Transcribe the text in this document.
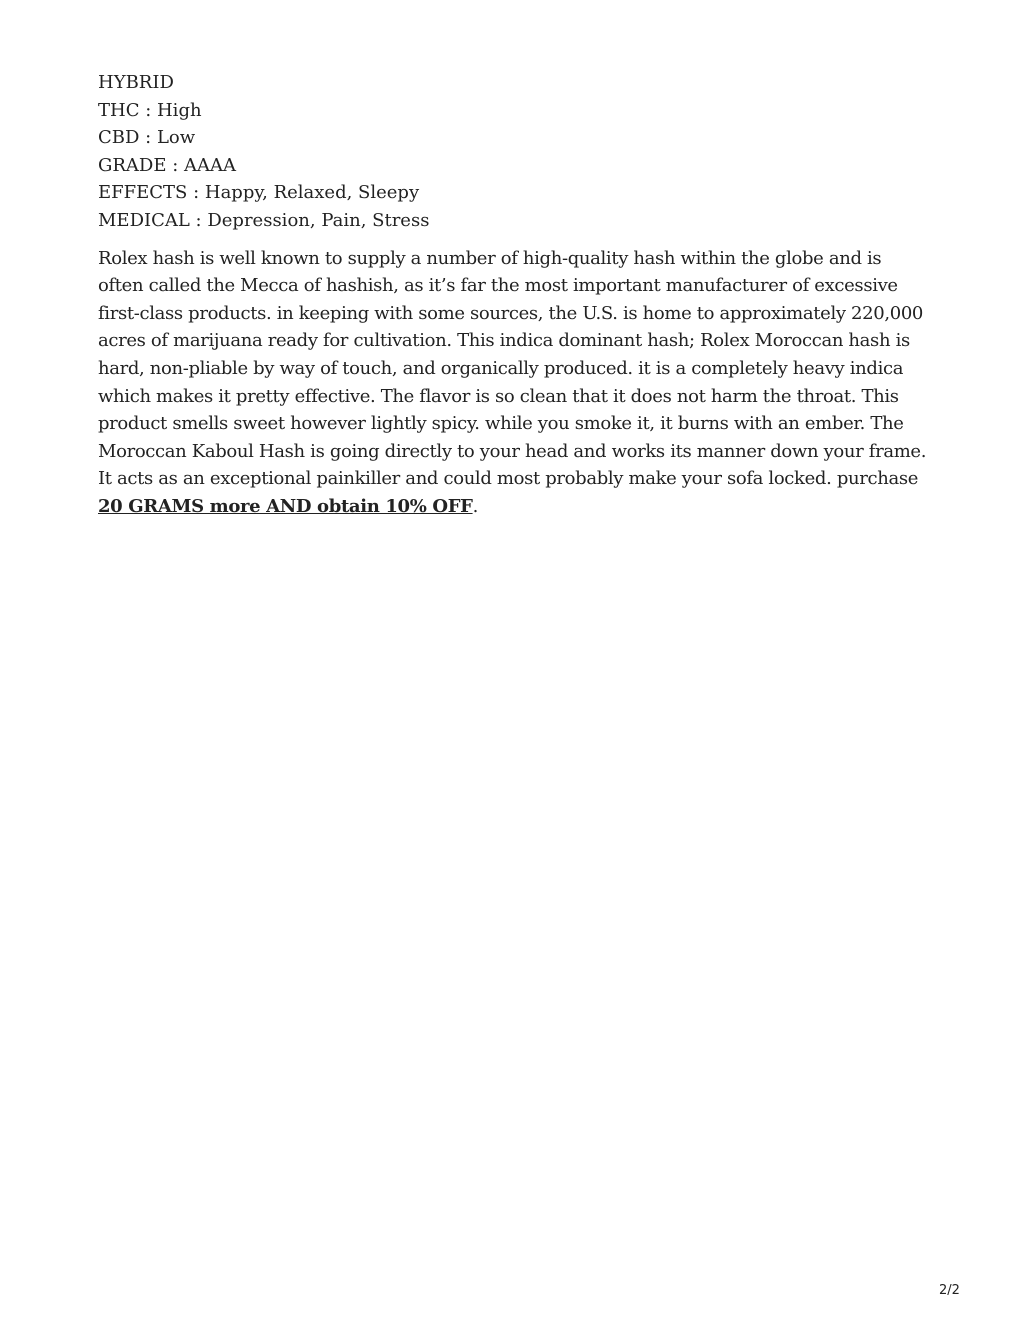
HYBRID
THC : High
CBD : Low
GRADE : AAAA
EFFECTS : Happy, Relaxed, Sleepy
MEDICAL : Depression, Pain, Stress

Rolex hash is well known to supply a number of high-quality hash within the globe and is often called the Mecca of hashish, as it’s far the most important manufacturer of excessive first-class products. in keeping with some sources, the U.S. is home to approximately 220,000 acres of marijuana ready for cultivation. This indica dominant hash; Rolex Moroccan hash is hard, non-pliable by way of touch, and organically produced. it is a completely heavy indica which makes it pretty effective. The flavor is so clean that it does not harm the throat. This product smells sweet however lightly spicy. while you smoke it, it burns with an ember. The Moroccan Kaboul Hash is going directly to your head and works its manner down your frame. It acts as an exceptional painkiller and could most probably make your sofa locked. purchase 20 GRAMS more AND obtain 10% OFF.

2/2
